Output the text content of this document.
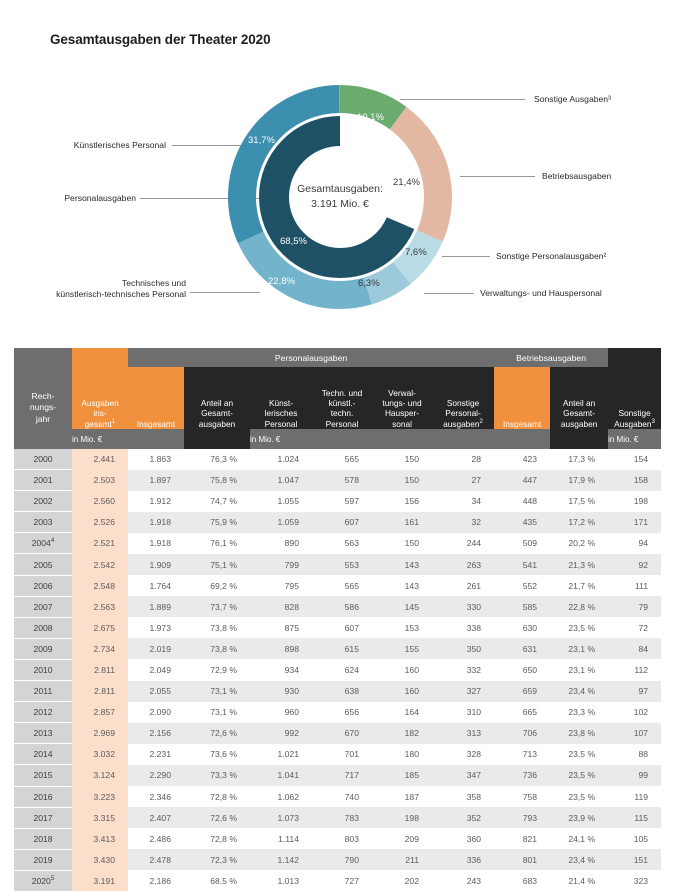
Gesamtausgaben der Theater 2020
Gesamtausgaben:
3.191 Mio. €
10,1%
21,4%
7,6%
6,3%
22,8%
31,7%
68,5%
Sonstige Ausgaben³
Betriebsausgaben
Sonstige Personalausgaben²
Verwaltungs- und Hauspersonal
Künstlerisches Personal
Personalausgaben
Technisches und
künstlerisch-technisches Personal
		Personalausgaben						Betriebsausgaben		

Rech-
nungs-
jahr

Ausgaben
ins-
gesamt$^1$	Insgesamt	
Anteil an
Gesamt-
ausgaben

Künst-
lerisches
Personal

Techn. und
künstl.-
techn.
Personal

Verwal-
tungs- und
Hausper-
sonal

Sonstige
Personal-
ausgaben$^2$	Insgesamt	
Anteil an
Gesamt-
ausgaben

Sonstige
Ausgaben$^3$

	in Mio. €			in Mio. €						in Mio. €
2000	2.441	1.863	76,3 %	1.024	565	150	28	423	17,3 %	154
2001	2.503	1.897	75,8 %	1.047	578	150	27	447	17,9 %	158
2002	2.560	1.912	74,7 %	1.055	597	156	34	448	17,5 %	198
2003	2.526	1.918	75,9 %	1.059	607	161	32	435	17,2 %	171
2004$^4$	2.521	1.918	76,1 %	890	563	150	244	509	20,2 %	94
2005	2.542	1.909	75,1 %	799	553	143	263	541	21,3 %	92
2006	2.548	1.764	69,2 %	795	565	143	261	552	21,7 %	111
2007	2.563	1.889	73,7 %	828	586	145	330	585	22,8 %	79
2008	2.675	1.973	73,8 %	875	607	153	338	630	23,5 %	72
2009	2.734	2.019	73,8 %	898	615	155	350	631	23,1 %	84
2010	2.811	2.049	72,9 %	934	624	160	332	650	23,1 %	112
2011	2.811	2.055	73,1 %	930	638	160	327	659	23,4 %	97
2012	2.857	2.090	73,1 %	960	656	164	310	665	23,3 %	102
2013	2.969	2.156	72,6 %	992	670	182	313	706	23,8 %	107
2014	3.032	2.231	73,6 %	1.021	701	180	328	713	23,5 %	88
2015	3.124	2.290	73,3 %	1.041	717	185	347	736	23,5 %	99
2016	3.223	2.346	72,8 %	1.062	740	187	358	758	23,5 %	119
2017	3.315	2.407	72,6 %	1.073	783	198	352	793	23,9 %	115
2018	3.413	2.486	72,8 %	1.114	803	209	360	821	24,1 %	105
2019	3.430	2.478	72,3 %	1.142	790	211	336	801	23,4 %	151
2020$^5$	3.191	2.186	68,5 %	1.013	727	202	243	683	21,4 %	323
